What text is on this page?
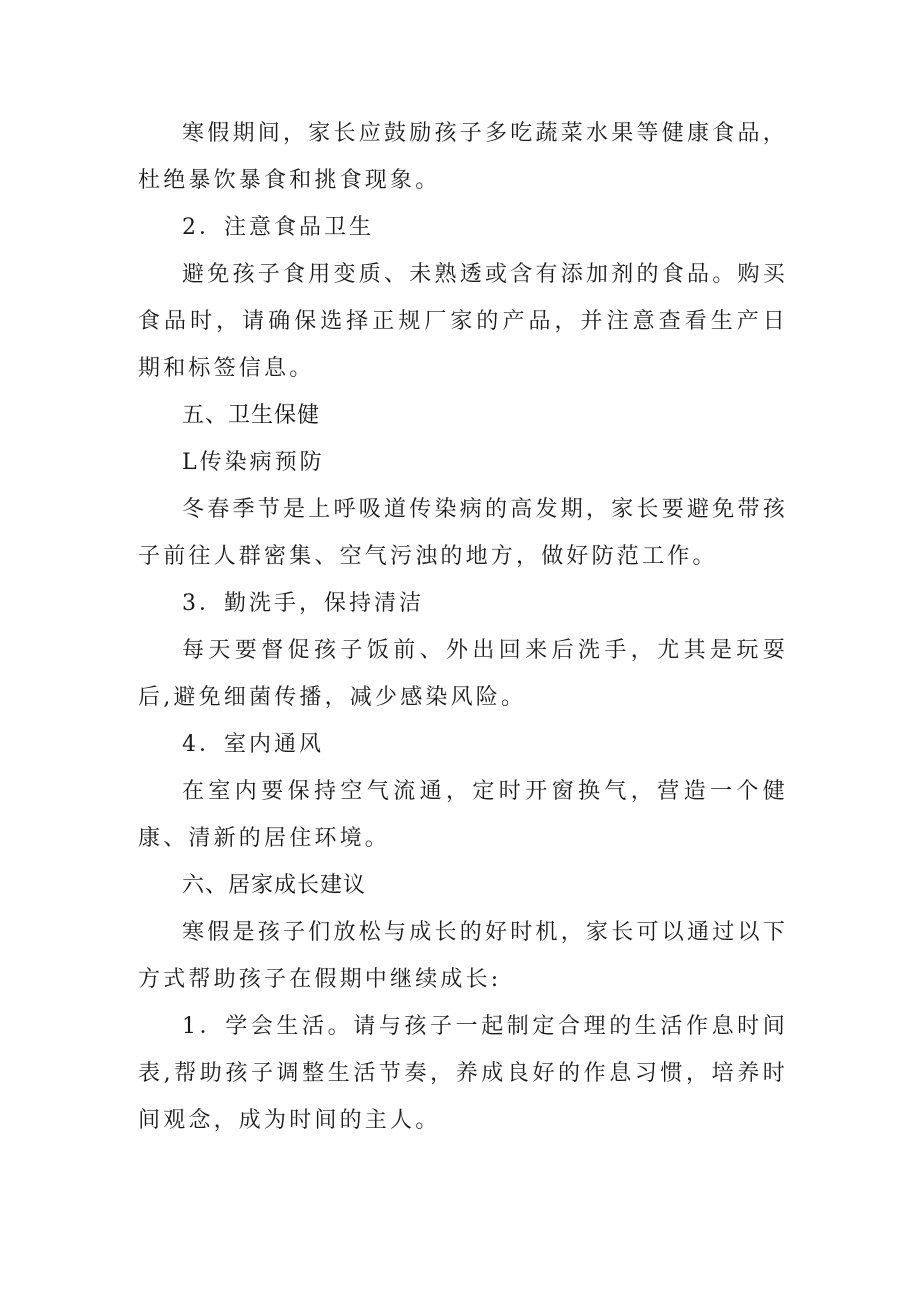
寒假期间，家长应鼓励孩子多吃蔬菜水果等健康食品，杜绝暴饮暴食和挑食现象。

2．注意食品卫生

避免孩子食用变质、未熟透或含有添加剂的食品。购买食品时，请确保选择正规厂家的产品，并注意查看生产日期和标签信息。

五、卫生保健

L传染病预防

冬春季节是上呼吸道传染病的高发期，家长要避免带孩子前往人群密集、空气污浊的地方，做好防范工作。

3．勤洗手，保持清洁

每天要督促孩子饭前、外出回来后洗手，尤其是玩耍后,避免细菌传播，减少感染风险。

4．室内通风

在室内要保持空气流通，定时开窗换气，营造一个健康、清新的居住环境。

六、居家成长建议

寒假是孩子们放松与成长的好时机，家长可以通过以下方式帮助孩子在假期中继续成长:

1．学会生活。请与孩子一起制定合理的生活作息时间表,帮助孩子调整生活节奏，养成良好的作息习惯，培养时间观念，成为时间的主人。
